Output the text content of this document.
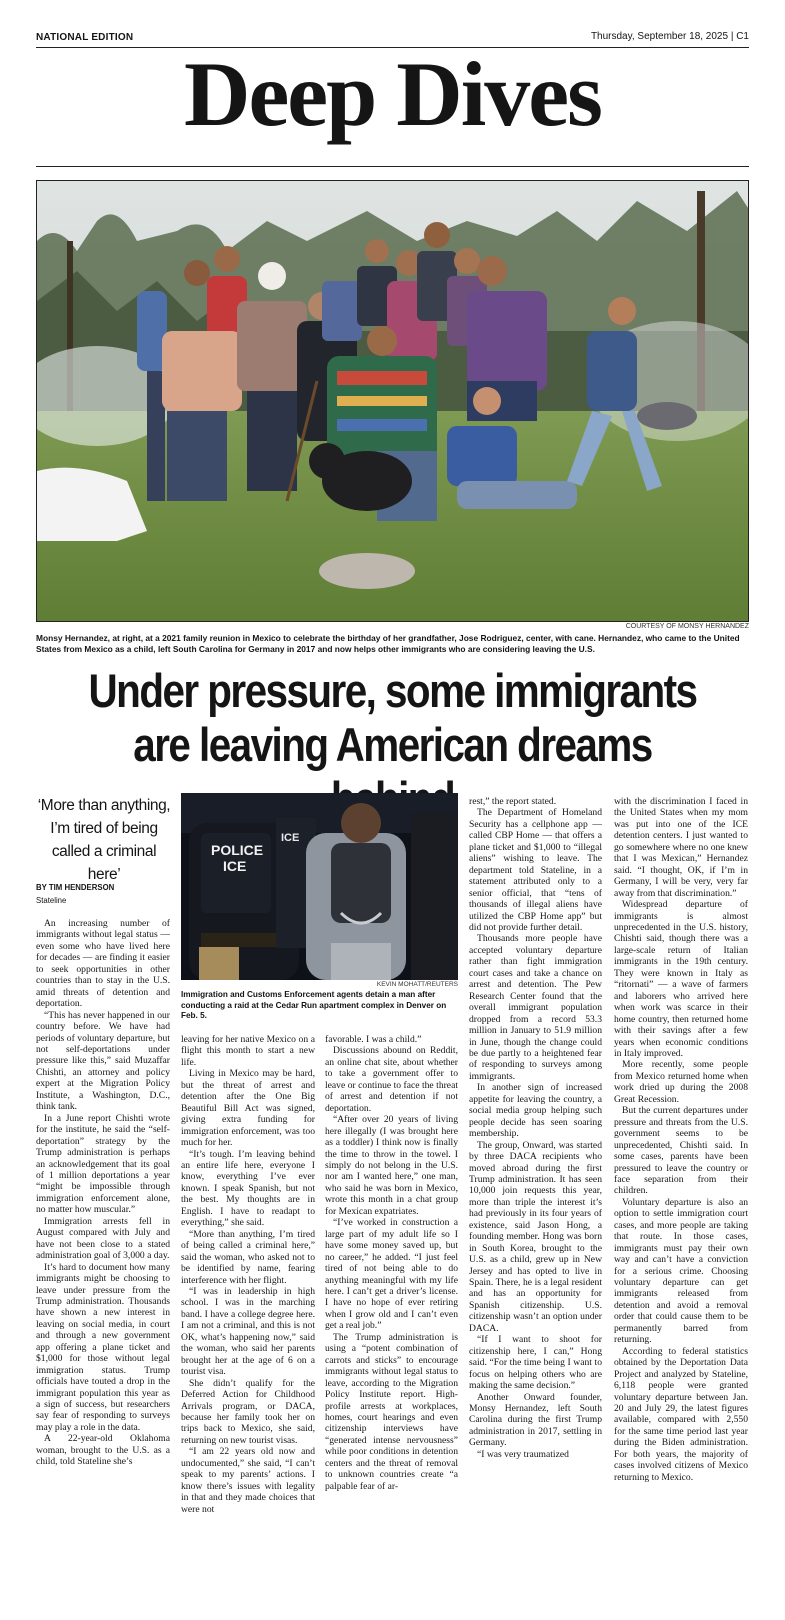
NATIONAL EDITION	Thursday, September 18, 2025 | C1
Deep Dives
COURTESY OF MONSY HERNANDEZ
Monsy Hernandez, at right, at a 2021 family reunion in Mexico to celebrate the birthday of her grandfather, Jose Rodriguez, center, with cane. Hernandez, who came to the United States from Mexico as a child, left South Carolina for Germany in 2017 and now helps other immigrants who are considering leaving the U.S.
Under pressure, some immigrants are leaving American dreams
‘More than anything, I’m tired of being called a criminal here’
BY TIM HENDERSON
Stateline
POLICE
ICE
ICE
KEVIN MOHATT/REUTERS
Immigration and Customs Enforcement agents detain a man after conducting a raid at the Cedar Run apartment complex in Denver on Feb. 5.

An increasing number of immigrants without legal status — even some who have lived here for decades — are finding it easier to seek opportunities in other countries than to stay in the U.S. amid threats of detention and deportation.

“This has never happened in our country before. We have had periods of voluntary departure, but not self-deportations under pressure like this,” said Muzaffar Chishti, an attorney and policy expert at the Migration Policy Institute, a Washington, D.C., think tank.

In a June report Chishti wrote for the institute, he said the “self-deportation” strategy by the Trump administration is perhaps an acknowledgement that its goal of 1 million deportations a year “might be impossible through immigration enforcement alone, no matter how muscular.”

Immigration arrests fell in August compared with July and have not been close to a stated administration goal of 3,000 a day.

It’s hard to document how many immigrants might be choosing to leave under pressure from the Trump administration. Thousands have shown a new interest in leaving on social media, in court and through a new government app offering a plane ticket and $1,000 for those without legal immigration status. Trump officials have touted a drop in the immigrant population this year as a sign of success, but researchers say fear of responding to surveys may play a role in the data.

A 22-year-old Oklahoma woman, brought to the U.S. as a child, told Stateline she’s

leaving for her native Mexico on a flight this month to start a new life.

Living in Mexico may be hard, but the threat of arrest and detention after the One Big Beautiful Bill Act was signed, giving extra funding for immigration enforcement, was too much for her.

“It’s tough. I’m leaving behind an entire life here, everyone I know, everything I’ve ever known. I speak Spanish, but not the best. My thoughts are in English. I have to readapt to everything,” she said.

“More than anything, I’m tired of being called a criminal here,” said the woman, who asked not to be identified by name, fearing interference with her flight.

“I was in leadership in high school. I was in the marching band. I have a college degree here. I am not a criminal, and this is not OK, what’s happening now,” said the woman, who said her parents brought her at the age of 6 on a tourist visa.

She didn’t qualify for the Deferred Action for Childhood Arrivals program, or DACA, because her family took her on trips back to Mexico, she said, returning on new tourist visas.

“I am 22 years old now and undocumented,” she said, “I can’t speak to my parents’ actions. I know there’s issues with legality in that and they made choices that were not

favorable. I was a child.”

Discussions abound on Reddit, an online chat site, about whether to take a government offer to leave or continue to face the threat of arrest and detention if not deportation.

“After over 20 years of living here illegally (I was brought here as a toddler) I think now is finally the time to throw in the towel. I simply do not belong in the U.S. nor am I wanted here,” one man, who said he was born in Mexico, wrote this month in a chat group for Mexican expatriates.

“I’ve worked in construction a large part of my adult life so I have some money saved up, but no career,” he added. “I just feel tired of not being able to do anything meaningful with my life here. I can’t get a driver’s license. I have no hope of ever retiring when I grow old and I can’t even get a real job.”

The Trump administration is using a “potent combination of carrots and sticks” to encourage immigrants without legal status to leave, according to the Migration Policy Institute report. High-profile arrests at workplaces, homes, court hearings and even citizenship interviews have “generated intense nervousness” while poor conditions in detention centers and the threat of removal to unknown countries create “a palpable fear of ar-

rest,” the report stated.

The Department of Homeland Security has a cellphone app — called CBP Home — that offers a plane ticket and $1,000 to “illegal aliens” wishing to leave. The department told Stateline, in a statement attributed only to a senior official, that “tens of thousands of illegal aliens have utilized the CBP Home app” but did not provide further detail.

Thousands more people have accepted voluntary departure rather than fight immigration court cases and take a chance on arrest and detention. The Pew Research Center found that the overall immigrant population dropped from a record 53.3 million in January to 51.9 million in June, though the change could be due partly to a heightened fear of responding to surveys among immigrants.

In another sign of increased appetite for leaving the country, a social media group helping such people decide has seen soaring membership.

The group, Onward, was started by three DACA recipients who moved abroad during the first Trump administration. It has seen 10,000 join requests this year, more than triple the interest it’s had previously in its four years of existence, said Jason Hong, a founding member. Hong was born in South Korea, brought to the U.S. as a child, grew up in New Jersey and has opted to live in Spain. There, he is a legal resident and has an opportunity for Spanish citizenship. U.S. citizenship wasn’t an option under DACA.

“If I want to shoot for citizenship here, I can,” Hong said. “For the time being I want to focus on helping others who are making the same decision.”

Another Onward founder, Monsy Hernandez, left South Carolina during the first Trump administration in 2017, settling in Germany.

“I was very traumatized

with the discrimination I faced in the United States when my mom was put into one of the ICE detention centers. I just wanted to go somewhere where no one knew that I was Mexican,” Hernandez said. “I thought, OK, if I’m in Germany, I will be very, very far away from that discrimination.”

Widespread departure of immigrants is almost unprecedented in the U.S. history, Chishti said, though there was a large-scale return of Italian immigrants in the 19th century. They were known in Italy as “ritornati” — a wave of farmers and laborers who arrived here when work was scarce in their home country, then returned home with their savings after a few years when economic conditions in Italy improved.

More recently, some people from Mexico returned home when work dried up during the 2008 Great Recession.

But the current departures under pressure and threats from the U.S. government seems to be unprecedented, Chishti said. In some cases, parents have been pressured to leave the country or face separation from their children.

Voluntary departure is also an option to settle immigration court cases, and more people are taking that route. In those cases, immigrants must pay their own way and can’t have a conviction for a serious crime. Choosing voluntary departure can get immigrants released from detention and avoid a removal order that could cause them to be permanently barred from returning.

According to federal statistics obtained by the Deportation Data Project and analyzed by Stateline, 6,118 people were granted voluntary departure between Jan. 20 and July 29, the latest figures available, compared with 2,550 for the same time period last year during the Biden administration. For both years, the majority of cases involved citizens of Mexico returning to Mexico.
